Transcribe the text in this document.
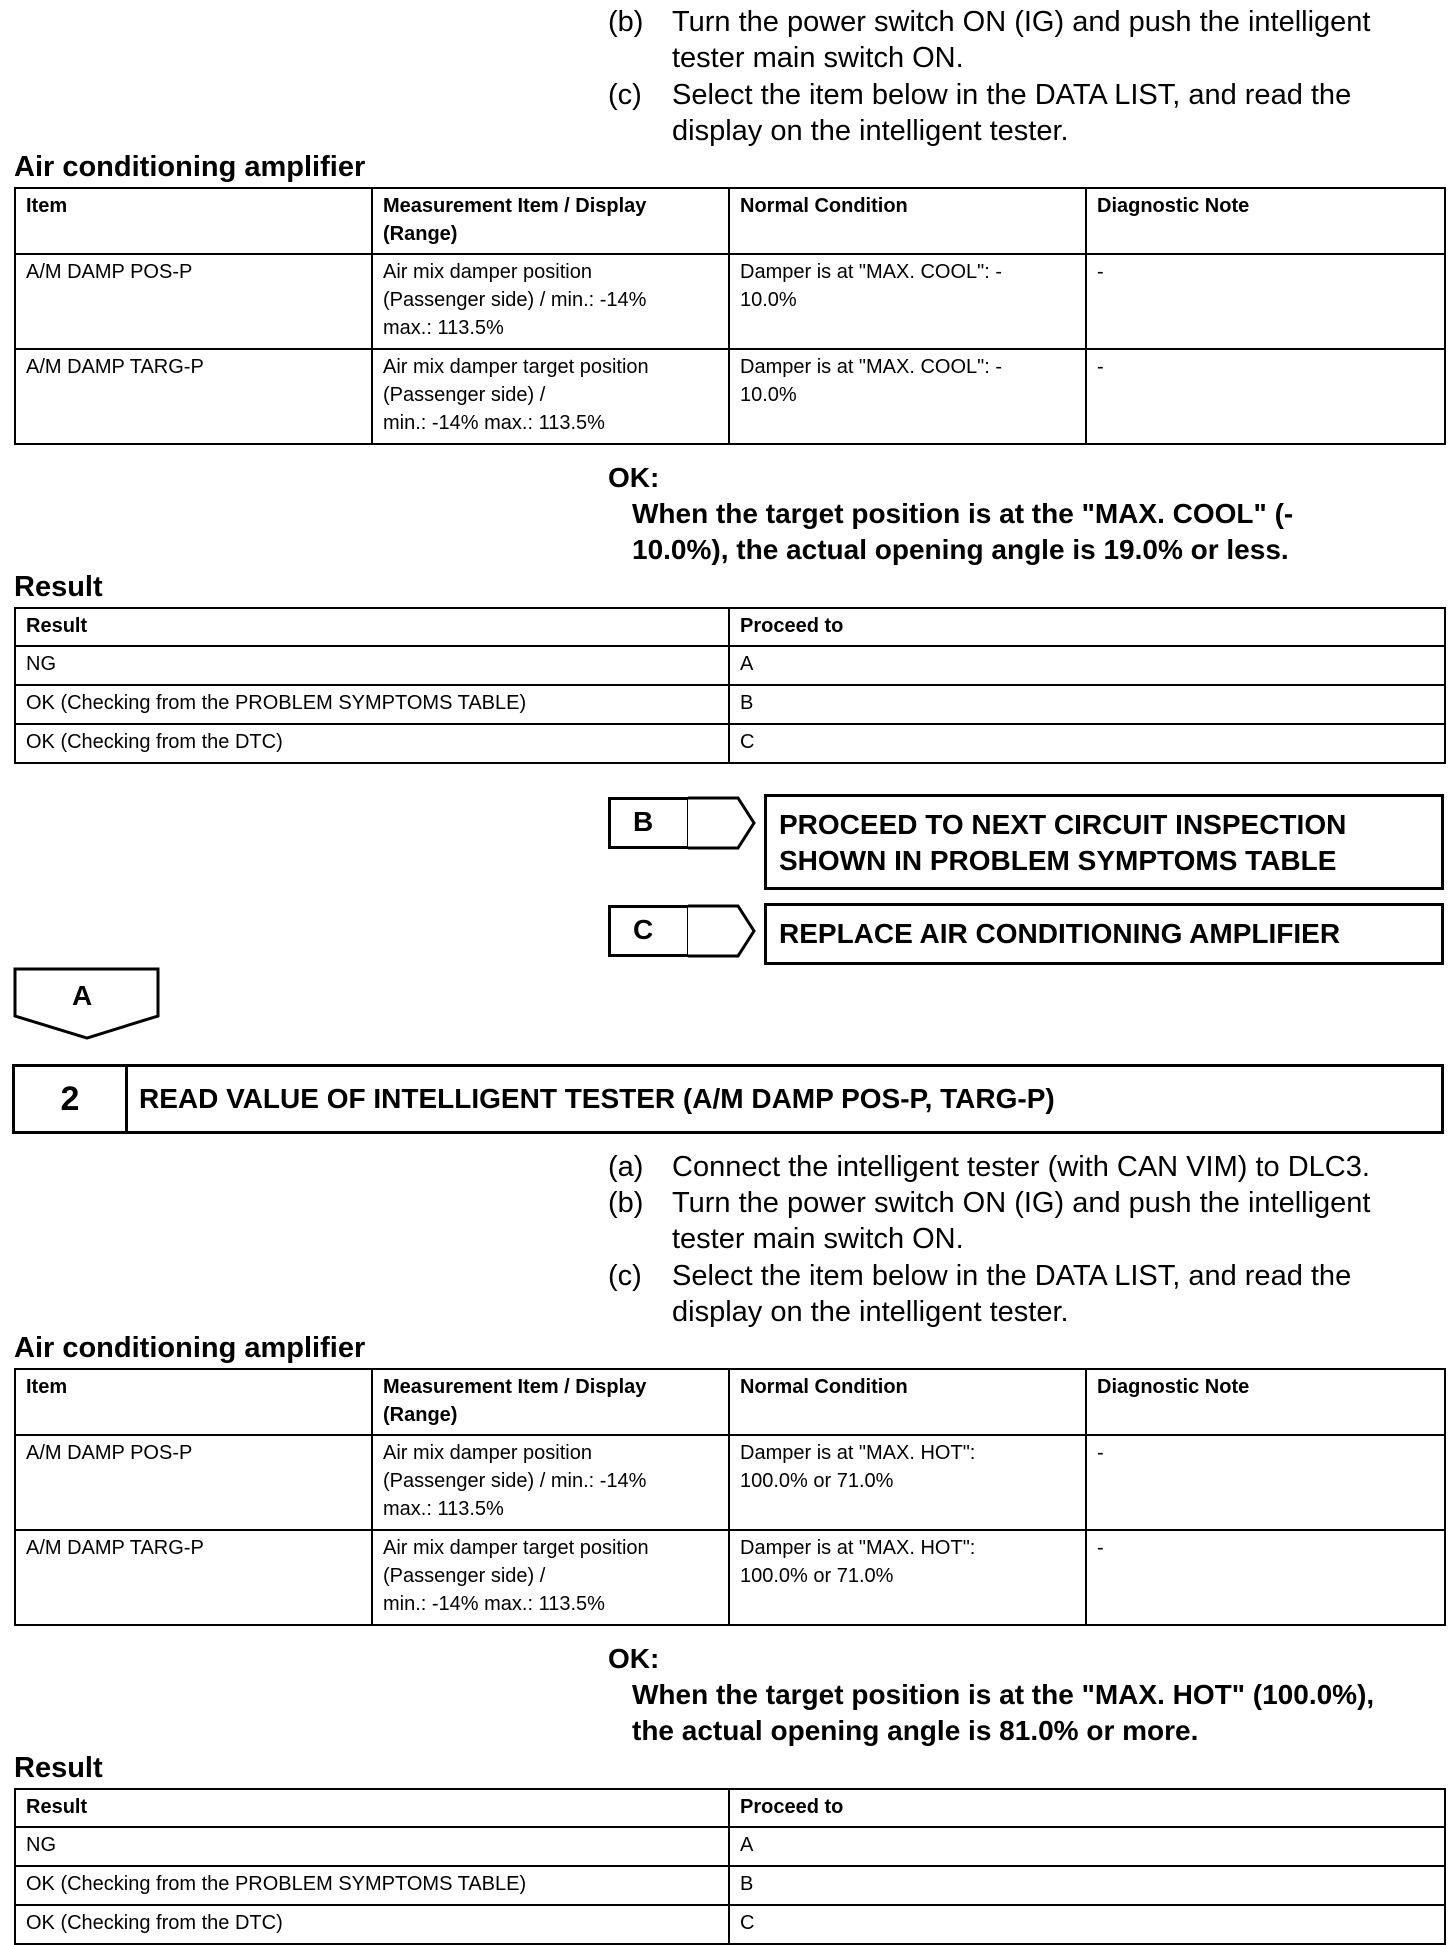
(b) Turn the power switch ON (IG) and push the intelligent
tester main switch ON.
(c) Select the item below in the DATA LIST, and read the
display on the intelligent tester.
Air conditioning amplifier
Item	Measurement Item / Display
(Range)	Normal Condition	Diagnostic Note
A/M DAMP POS-P	Air mix damper position
(Passenger side) / min.: -14%
max.: 113.5%	Damper is at "MAX. COOL": -
10.0%	-
A/M DAMP TARG-P	Air mix damper target position
(Passenger side) /
min.: -14% max.: 113.5%	Damper is at "MAX. COOL": -
10.0%	-
OK:
When the target position is at the "MAX. COOL" (-
10.0%), the actual opening angle is 19.0% or less.
Result
Result	Proceed to
NG	A
OK (Checking from the PROBLEM SYMPTOMS TABLE)	B
OK (Checking from the DTC)	C
B	PROCEED TO NEXT CIRCUIT INSPECTION
SHOWN IN PROBLEM SYMPTOMS TABLE
C	REPLACE AIR CONDITIONING AMPLIFIER
A
2	READ VALUE OF INTELLIGENT TESTER (A/M DAMP POS-P, TARG-P)
(a) Connect the intelligent tester (with CAN VIM) to DLC3.
(b) Turn the power switch ON (IG) and push the intelligent
tester main switch ON.
(c) Select the item below in the DATA LIST, and read the
display on the intelligent tester.
Air conditioning amplifier
Item	Measurement Item / Display
(Range)	Normal Condition	Diagnostic Note
A/M DAMP POS-P	Air mix damper position
(Passenger side) / min.: -14%
max.: 113.5%	Damper is at "MAX. HOT":
100.0% or 71.0%	-
A/M DAMP TARG-P	Air mix damper target position
(Passenger side) /
min.: -14% max.: 113.5%	Damper is at "MAX. HOT":
100.0% or 71.0%	-
OK:
When the target position is at the "MAX. HOT" (100.0%),
the actual opening angle is 81.0% or more.
Result
Result	Proceed to
NG	A
OK (Checking from the PROBLEM SYMPTOMS TABLE)	B
OK (Checking from the DTC)	C
